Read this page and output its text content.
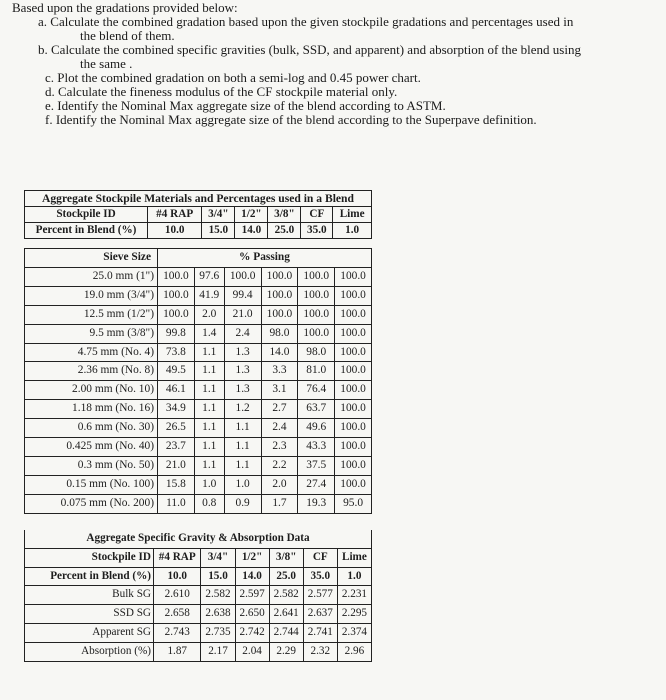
Based upon the gradations provided below:
a. Calculate the combined gradation based upon the given stockpile gradations and percentages used in
the blend of them.
b. Calculate the combined specific gravities (bulk, SSD, and apparent) and absorption of the blend using
the same .
c. Plot the combined gradation on both a semi-log and 0.45 power chart.
d. Calculate the fineness modulus of the CF stockpile material only.
e. Identify the Nominal Max aggregate size of the blend according to ASTM.
f. Identify the Nominal Max aggregate size of the blend according to the Superpave definition.
Aggregate Stockpile Materials and Percentages used in a Blend						
Stockpile ID	#4 RAP	3/4"	1/2"	3/8"	CF	Lime
Percent in Blend (%)	10.0	15.0	14.0	25.0	35.0	1.0
Sieve Size	% Passing					
25.0 mm (1")	100.0	97.6	100.0	100.0	100.0	100.0
19.0 mm (3/4")	100.0	41.9	99.4	100.0	100.0	100.0
12.5 mm (1/2")	100.0	2.0	21.0	100.0	100.0	100.0
9.5 mm (3/8")	99.8	1.4	2.4	98.0	100.0	100.0
4.75 mm (No. 4)	73.8	1.1	1.3	14.0	98.0	100.0
2.36 mm (No. 8)	49.5	1.1	1.3	3.3	81.0	100.0
2.00 mm (No. 10)	46.1	1.1	1.3	3.1	76.4	100.0
1.18 mm (No. 16)	34.9	1.1	1.2	2.7	63.7	100.0
0.6 mm (No. 30)	26.5	1.1	1.1	2.4	49.6	100.0
0.425 mm (No. 40)	23.7	1.1	1.1	2.3	43.3	100.0
0.3 mm (No. 50)	21.0	1.1	1.1	2.2	37.5	100.0
0.15 mm (No. 100)	15.8	1.0	1.0	2.0	27.4	100.0
0.075 mm (No. 200)	11.0	0.8	0.9	1.7	19.3	95.0
Aggregate Specific Gravity & Absorption Data						
Stockpile ID	#4 RAP	3/4"	1/2"	3/8"	CF	Lime
Percent in Blend (%)	10.0	15.0	14.0	25.0	35.0	1.0
Bulk SG	2.610	2.582	2.597	2.582	2.577	2.231
SSD SG	2.658	2.638	2.650	2.641	2.637	2.295
Apparent SG	2.743	2.735	2.742	2.744	2.741	2.374
Absorption (%)	1.87	2.17	2.04	2.29	2.32	2.96
